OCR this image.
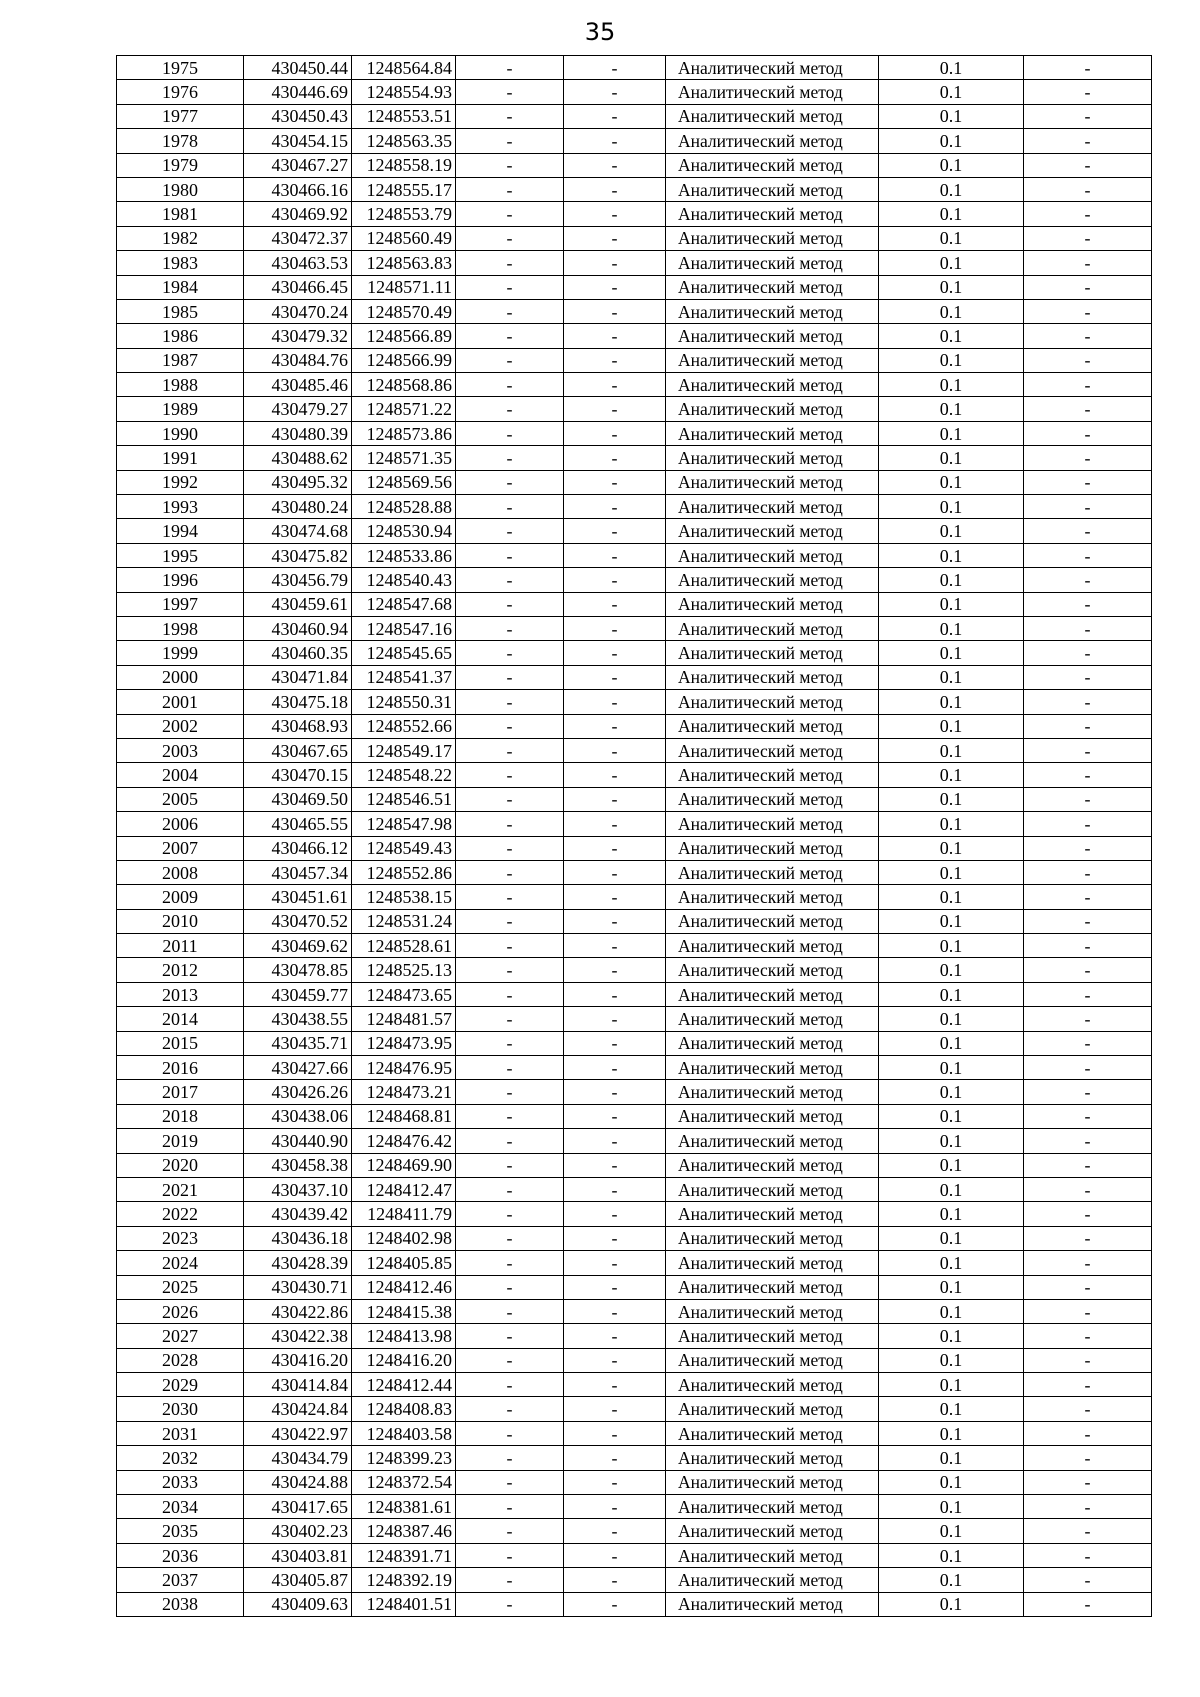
35
1975	430450.44	1248564.84	-	-	Аналитический метод	0.1	-
1976	430446.69	1248554.93	-	-	Аналитический метод	0.1	-
1977	430450.43	1248553.51	-	-	Аналитический метод	0.1	-
1978	430454.15	1248563.35	-	-	Аналитический метод	0.1	-
1979	430467.27	1248558.19	-	-	Аналитический метод	0.1	-
1980	430466.16	1248555.17	-	-	Аналитический метод	0.1	-
1981	430469.92	1248553.79	-	-	Аналитический метод	0.1	-
1982	430472.37	1248560.49	-	-	Аналитический метод	0.1	-
1983	430463.53	1248563.83	-	-	Аналитический метод	0.1	-
1984	430466.45	1248571.11	-	-	Аналитический метод	0.1	-
1985	430470.24	1248570.49	-	-	Аналитический метод	0.1	-
1986	430479.32	1248566.89	-	-	Аналитический метод	0.1	-
1987	430484.76	1248566.99	-	-	Аналитический метод	0.1	-
1988	430485.46	1248568.86	-	-	Аналитический метод	0.1	-
1989	430479.27	1248571.22	-	-	Аналитический метод	0.1	-
1990	430480.39	1248573.86	-	-	Аналитический метод	0.1	-
1991	430488.62	1248571.35	-	-	Аналитический метод	0.1	-
1992	430495.32	1248569.56	-	-	Аналитический метод	0.1	-
1993	430480.24	1248528.88	-	-	Аналитический метод	0.1	-
1994	430474.68	1248530.94	-	-	Аналитический метод	0.1	-
1995	430475.82	1248533.86	-	-	Аналитический метод	0.1	-
1996	430456.79	1248540.43	-	-	Аналитический метод	0.1	-
1997	430459.61	1248547.68	-	-	Аналитический метод	0.1	-
1998	430460.94	1248547.16	-	-	Аналитический метод	0.1	-
1999	430460.35	1248545.65	-	-	Аналитический метод	0.1	-
2000	430471.84	1248541.37	-	-	Аналитический метод	0.1	-
2001	430475.18	1248550.31	-	-	Аналитический метод	0.1	-
2002	430468.93	1248552.66	-	-	Аналитический метод	0.1	-
2003	430467.65	1248549.17	-	-	Аналитический метод	0.1	-
2004	430470.15	1248548.22	-	-	Аналитический метод	0.1	-
2005	430469.50	1248546.51	-	-	Аналитический метод	0.1	-
2006	430465.55	1248547.98	-	-	Аналитический метод	0.1	-
2007	430466.12	1248549.43	-	-	Аналитический метод	0.1	-
2008	430457.34	1248552.86	-	-	Аналитический метод	0.1	-
2009	430451.61	1248538.15	-	-	Аналитический метод	0.1	-
2010	430470.52	1248531.24	-	-	Аналитический метод	0.1	-
2011	430469.62	1248528.61	-	-	Аналитический метод	0.1	-
2012	430478.85	1248525.13	-	-	Аналитический метод	0.1	-
2013	430459.77	1248473.65	-	-	Аналитический метод	0.1	-
2014	430438.55	1248481.57	-	-	Аналитический метод	0.1	-
2015	430435.71	1248473.95	-	-	Аналитический метод	0.1	-
2016	430427.66	1248476.95	-	-	Аналитический метод	0.1	-
2017	430426.26	1248473.21	-	-	Аналитический метод	0.1	-
2018	430438.06	1248468.81	-	-	Аналитический метод	0.1	-
2019	430440.90	1248476.42	-	-	Аналитический метод	0.1	-
2020	430458.38	1248469.90	-	-	Аналитический метод	0.1	-
2021	430437.10	1248412.47	-	-	Аналитический метод	0.1	-
2022	430439.42	1248411.79	-	-	Аналитический метод	0.1	-
2023	430436.18	1248402.98	-	-	Аналитический метод	0.1	-
2024	430428.39	1248405.85	-	-	Аналитический метод	0.1	-
2025	430430.71	1248412.46	-	-	Аналитический метод	0.1	-
2026	430422.86	1248415.38	-	-	Аналитический метод	0.1	-
2027	430422.38	1248413.98	-	-	Аналитический метод	0.1	-
2028	430416.20	1248416.20	-	-	Аналитический метод	0.1	-
2029	430414.84	1248412.44	-	-	Аналитический метод	0.1	-
2030	430424.84	1248408.83	-	-	Аналитический метод	0.1	-
2031	430422.97	1248403.58	-	-	Аналитический метод	0.1	-
2032	430434.79	1248399.23	-	-	Аналитический метод	0.1	-
2033	430424.88	1248372.54	-	-	Аналитический метод	0.1	-
2034	430417.65	1248381.61	-	-	Аналитический метод	0.1	-
2035	430402.23	1248387.46	-	-	Аналитический метод	0.1	-
2036	430403.81	1248391.71	-	-	Аналитический метод	0.1	-
2037	430405.87	1248392.19	-	-	Аналитический метод	0.1	-
2038	430409.63	1248401.51	-	-	Аналитический метод	0.1	-
